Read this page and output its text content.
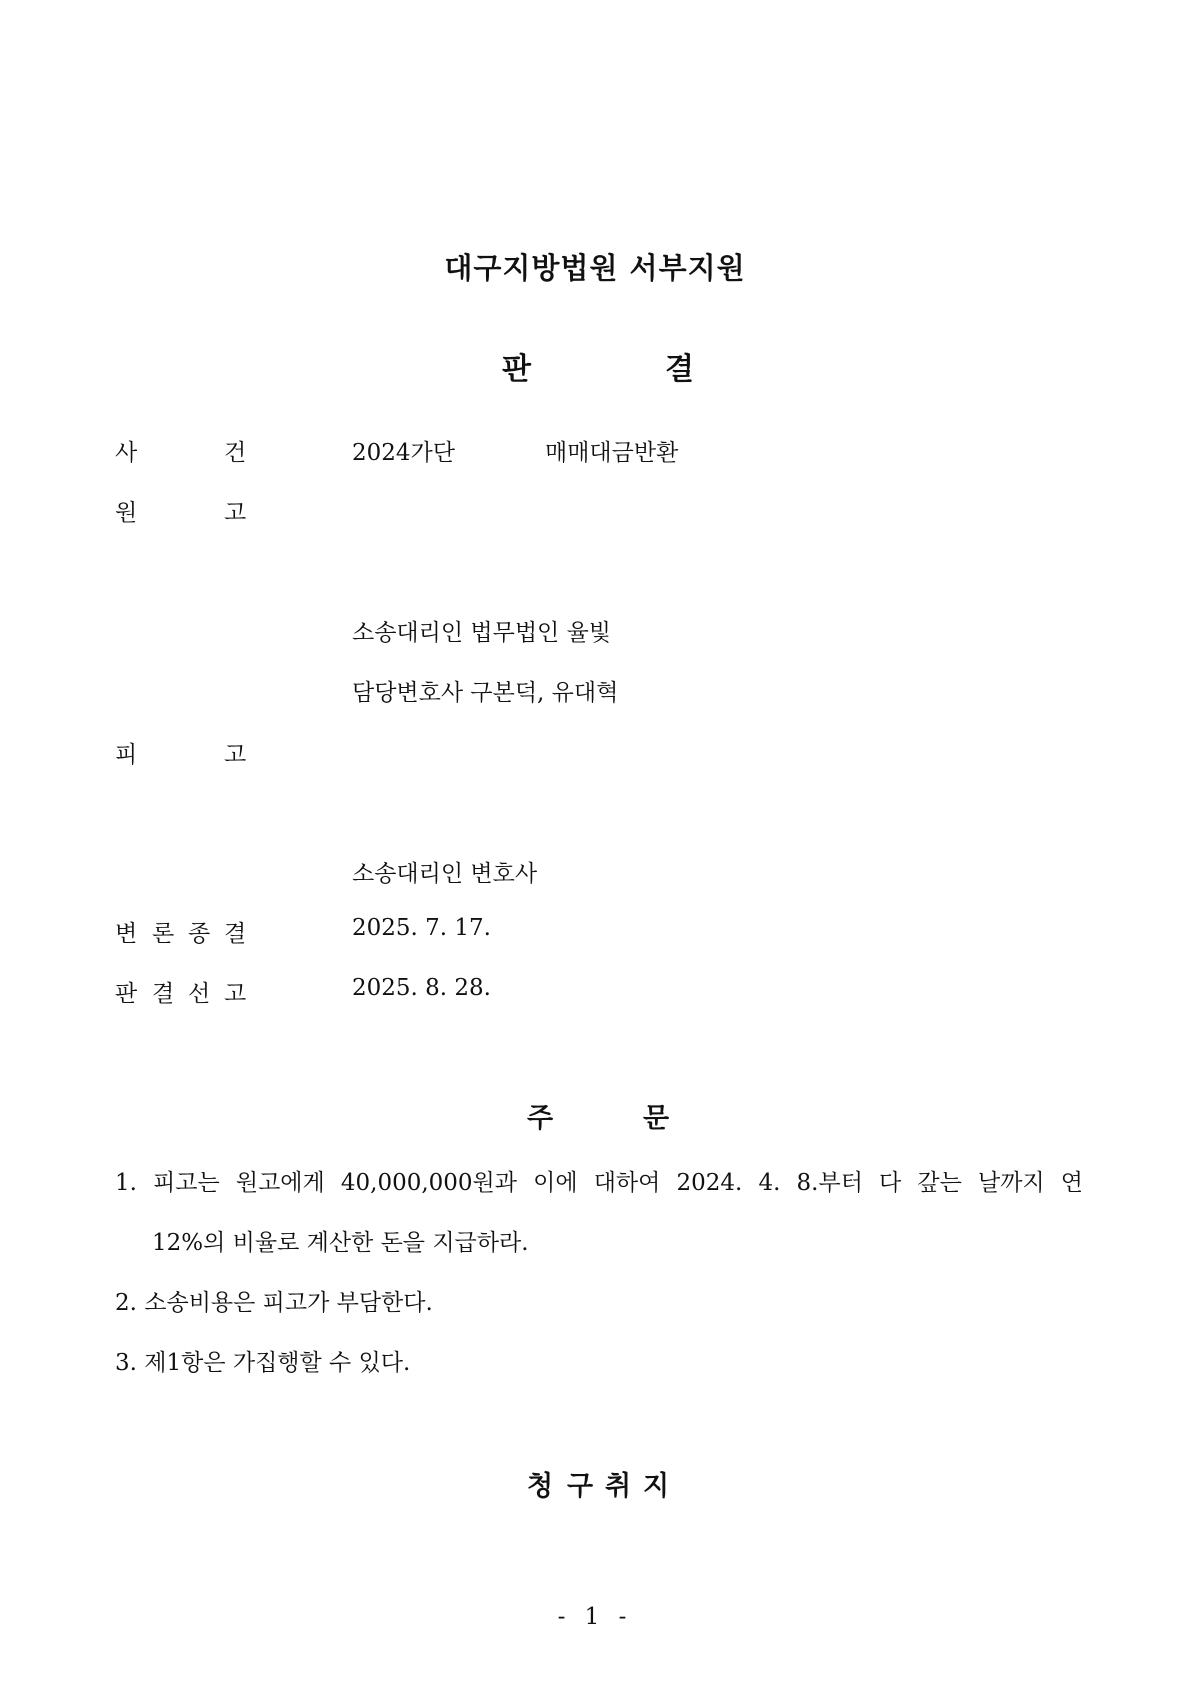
대구지방법원 서부지원
판	결
사	건	2024가단	매매대금반환
원	고
소송대리인 법무법인 율빛
담당변호사 구본덕, 유대혁
피	고
소송대리인 변호사
변 론 종 결	2025. 7. 17.
판 결 선 고	2025. 8. 28.
주	문
1. 피고는 원고에게 40,000,000원과 이에 대하여 2024. 4. 8.부터 다 갚는 날까지 연
12%의 비율로 계산한 돈을 지급하라.
2. 소송비용은 피고가 부담한다.
3. 제1항은 가집행할 수 있다.
청 구 취 지
- 1 -
